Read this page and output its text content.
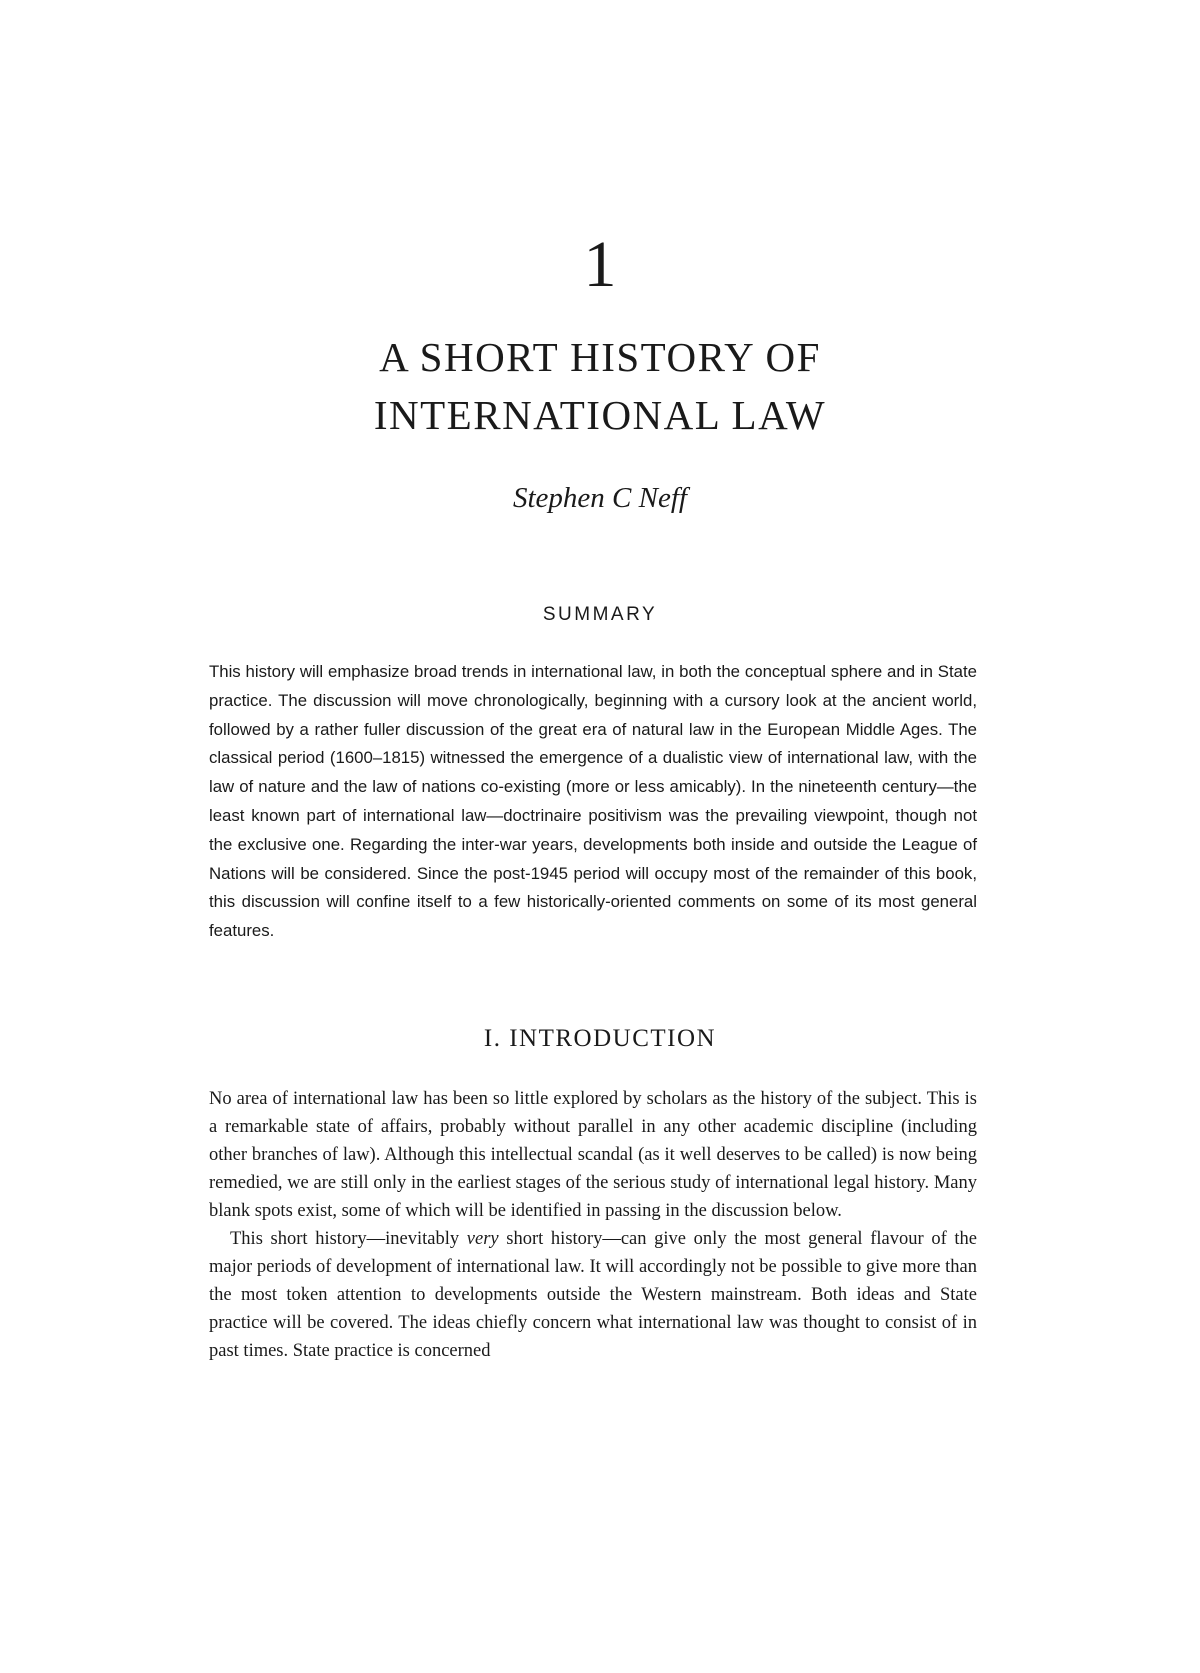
1
A SHORT HISTORY OF
INTERNATIONAL LAW
Stephen C Neff
SUMMARY
This history will emphasize broad trends in international law, in both the conceptual sphere and in State practice. The discussion will move chronologically, beginning with a cursory look at the ancient world, followed by a rather fuller discussion of the great era of natural law in the European Middle Ages. The classical period (1600–1815) witnessed the emergence of a dualistic view of international law, with the law of nature and the law of nations co-existing (more or less amicably). In the nineteenth century—the least known part of international law—doctrinaire positivism was the prevailing viewpoint, though not the exclusive one. Regarding the inter-war years, developments both inside and outside the League of Nations will be considered. Since the post-1945 period will occupy most of the remainder of this book, this discussion will confine itself to a few historically-oriented comments on some of its most general features.
I. INTRODUCTION

No area of international law has been so little explored by scholars as the history of the subject. This is a remarkable state of affairs, probably without parallel in any other academic discipline (including other branches of law). Although this intellectual scandal (as it well deserves to be called) is now being remedied, we are still only in the earliest stages of the serious study of international legal history. Many blank spots exist, some of which will be identified in passing in the discussion below.

This short history—inevitably very short history—can give only the most general flavour of the major periods of development of international law. It will accordingly not be possible to give more than the most token attention to developments outside the Western mainstream. Both ideas and State practice will be covered. The ideas chiefly concern what international law was thought to consist of in past times. State practice is concerned
